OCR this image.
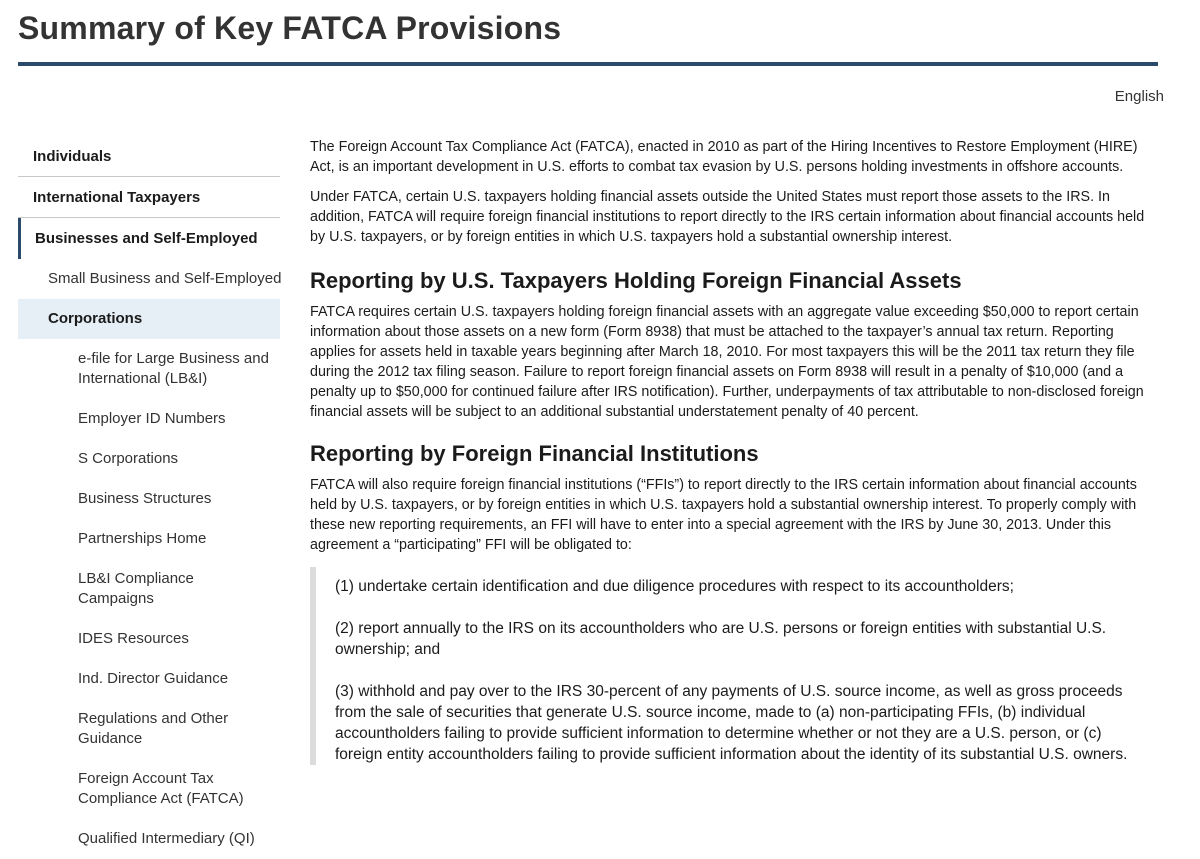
Summary of Key FATCA Provisions
English
Individuals
International Taxpayers
Businesses and Self-Employed
Small Business and Self-Employed
Corporations
e-file for Large Business and International (LB&I)
Employer ID Numbers
S Corporations
Business Structures
Partnerships Home
LB&I Compliance Campaigns
IDES Resources
Ind. Director Guidance
Regulations and Other Guidance
Foreign Account Tax Compliance Act (FATCA)
Qualified Intermediary (QI)

The Foreign Account Tax Compliance Act (FATCA), enacted in 2010 as part of the Hiring Incentives to Restore Employment (HIRE) Act, is an important development in U.S. efforts to combat tax evasion by U.S. persons holding investments in offshore accounts.

Under FATCA, certain U.S. taxpayers holding financial assets outside the United States must report those assets to the IRS. In addition, FATCA will require foreign financial institutions to report directly to the IRS certain information about financial accounts held by U.S. taxpayers, or by foreign entities in which U.S. taxpayers hold a substantial ownership interest.

Reporting by U.S. Taxpayers Holding Foreign Financial Assets

FATCA requires certain U.S. taxpayers holding foreign financial assets with an aggregate value exceeding $50,000 to report certain information about those assets on a new form (Form 8938) that must be attached to the taxpayer’s annual tax return. Reporting applies for assets held in taxable years beginning after March 18, 2010. For most taxpayers this will be the 2011 tax return they file during the 2012 tax filing season. Failure to report foreign financial assets on Form 8938 will result in a penalty of $10,000 (and a penalty up to $50,000 for continued failure after IRS notification). Further, underpayments of tax attributable to non-disclosed foreign financial assets will be subject to an additional substantial understatement penalty of 40 percent.

Reporting by Foreign Financial Institutions

FATCA will also require foreign financial institutions (“FFIs”) to report directly to the IRS certain information about financial accounts held by U.S. taxpayers, or by foreign entities in which U.S. taxpayers hold a substantial ownership interest. To properly comply with these new reporting requirements, an FFI will have to enter into a special agreement with the IRS by June 30, 2013. Under this agreement a “participating” FFI will be obligated to:

(1) undertake certain identification and due diligence procedures with respect to its accountholders;

(2) report annually to the IRS on its accountholders who are U.S. persons or foreign entities with substantial U.S. ownership; and

(3) withhold and pay over to the IRS 30-percent of any payments of U.S. source income, as well as gross proceeds from the sale of securities that generate U.S. source income, made to (a) non-participating FFIs, (b) individual accountholders failing to provide sufficient information to determine whether or not they are a U.S. person, or (c) foreign entity accountholders failing to provide sufficient information about the identity of its substantial U.S. owners.
